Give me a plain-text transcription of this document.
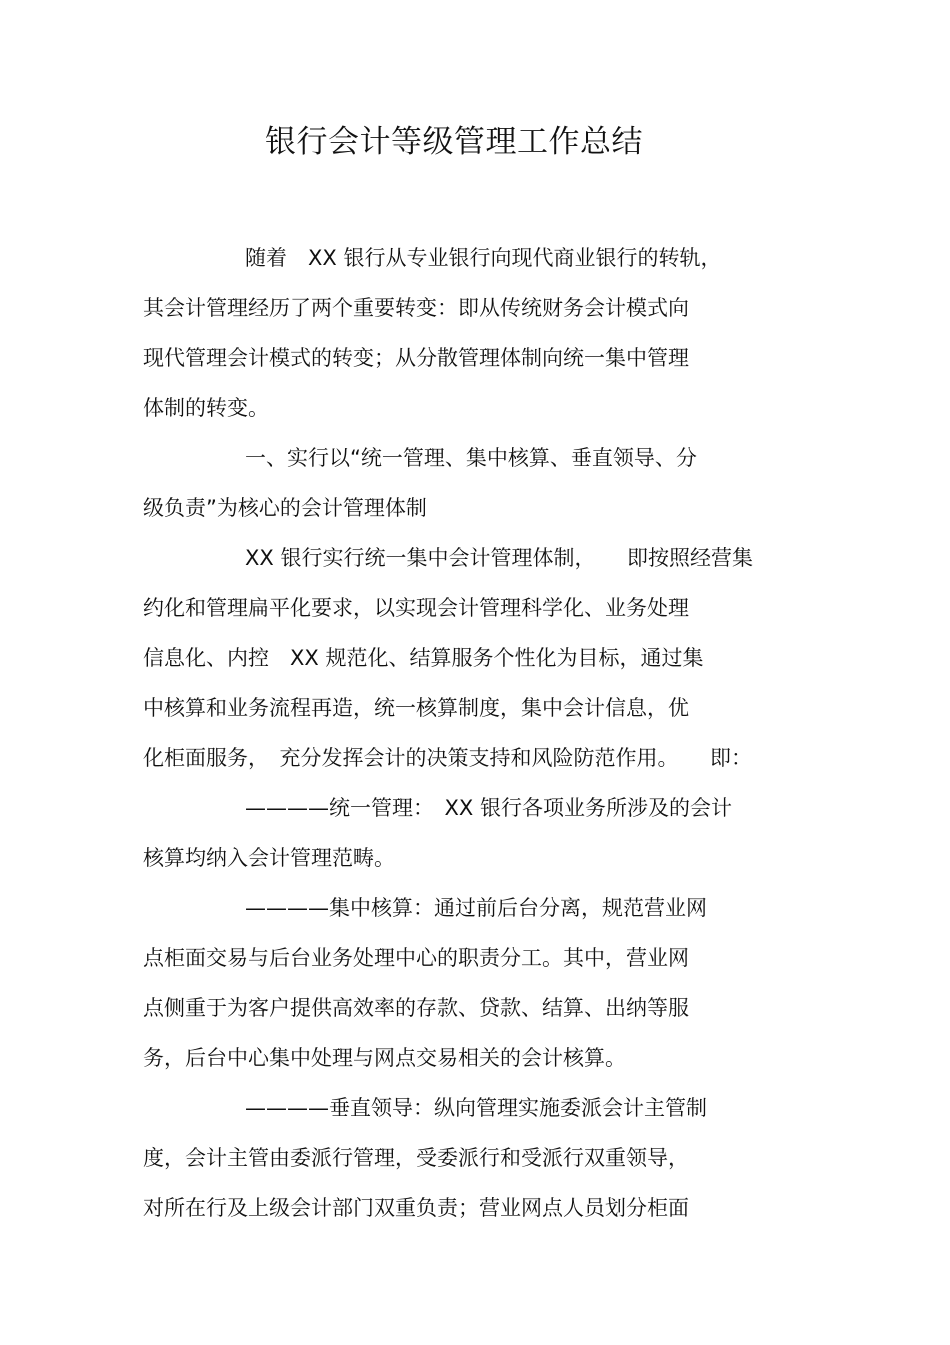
银行会计等级管理工作总结
随着　XX 银行从专业银行向现代商业银行的转轨，
其会计管理经历了两个重要转变：即从传统财务会计模式向
现代管理会计模式的转变；从分散管理体制向统一集中管理
体制的转变。
一、实行以“统一管理、集中核算、垂直领导、分
级负责”为核心的会计管理体制
XX 银行实行统一集中会计管理体制，　　即按照经营集
约化和管理扁平化要求，以实现会计管理科学化、业务处理
信息化、内控　XX 规范化、结算服务个性化为目标，通过集
中核算和业务流程再造，统一核算制度，集中会计信息，优
化柜面服务，　充分发挥会计的决策支持和风险防范作用。　　即：
————统一管理：　XX 银行各项业务所涉及的会计
核算均纳入会计管理范畴。
————集中核算：通过前后台分离，规范营业网
点柜面交易与后台业务处理中心的职责分工。其中，营业网
点侧重于为客户提供高效率的存款、贷款、结算、出纳等服
务，后台中心集中处理与网点交易相关的会计核算。
————垂直领导：纵向管理实施委派会计主管制
度，会计主管由委派行管理，受委派行和受派行双重领导，
对所在行及上级会计部门双重负责；营业网点人员划分柜面
